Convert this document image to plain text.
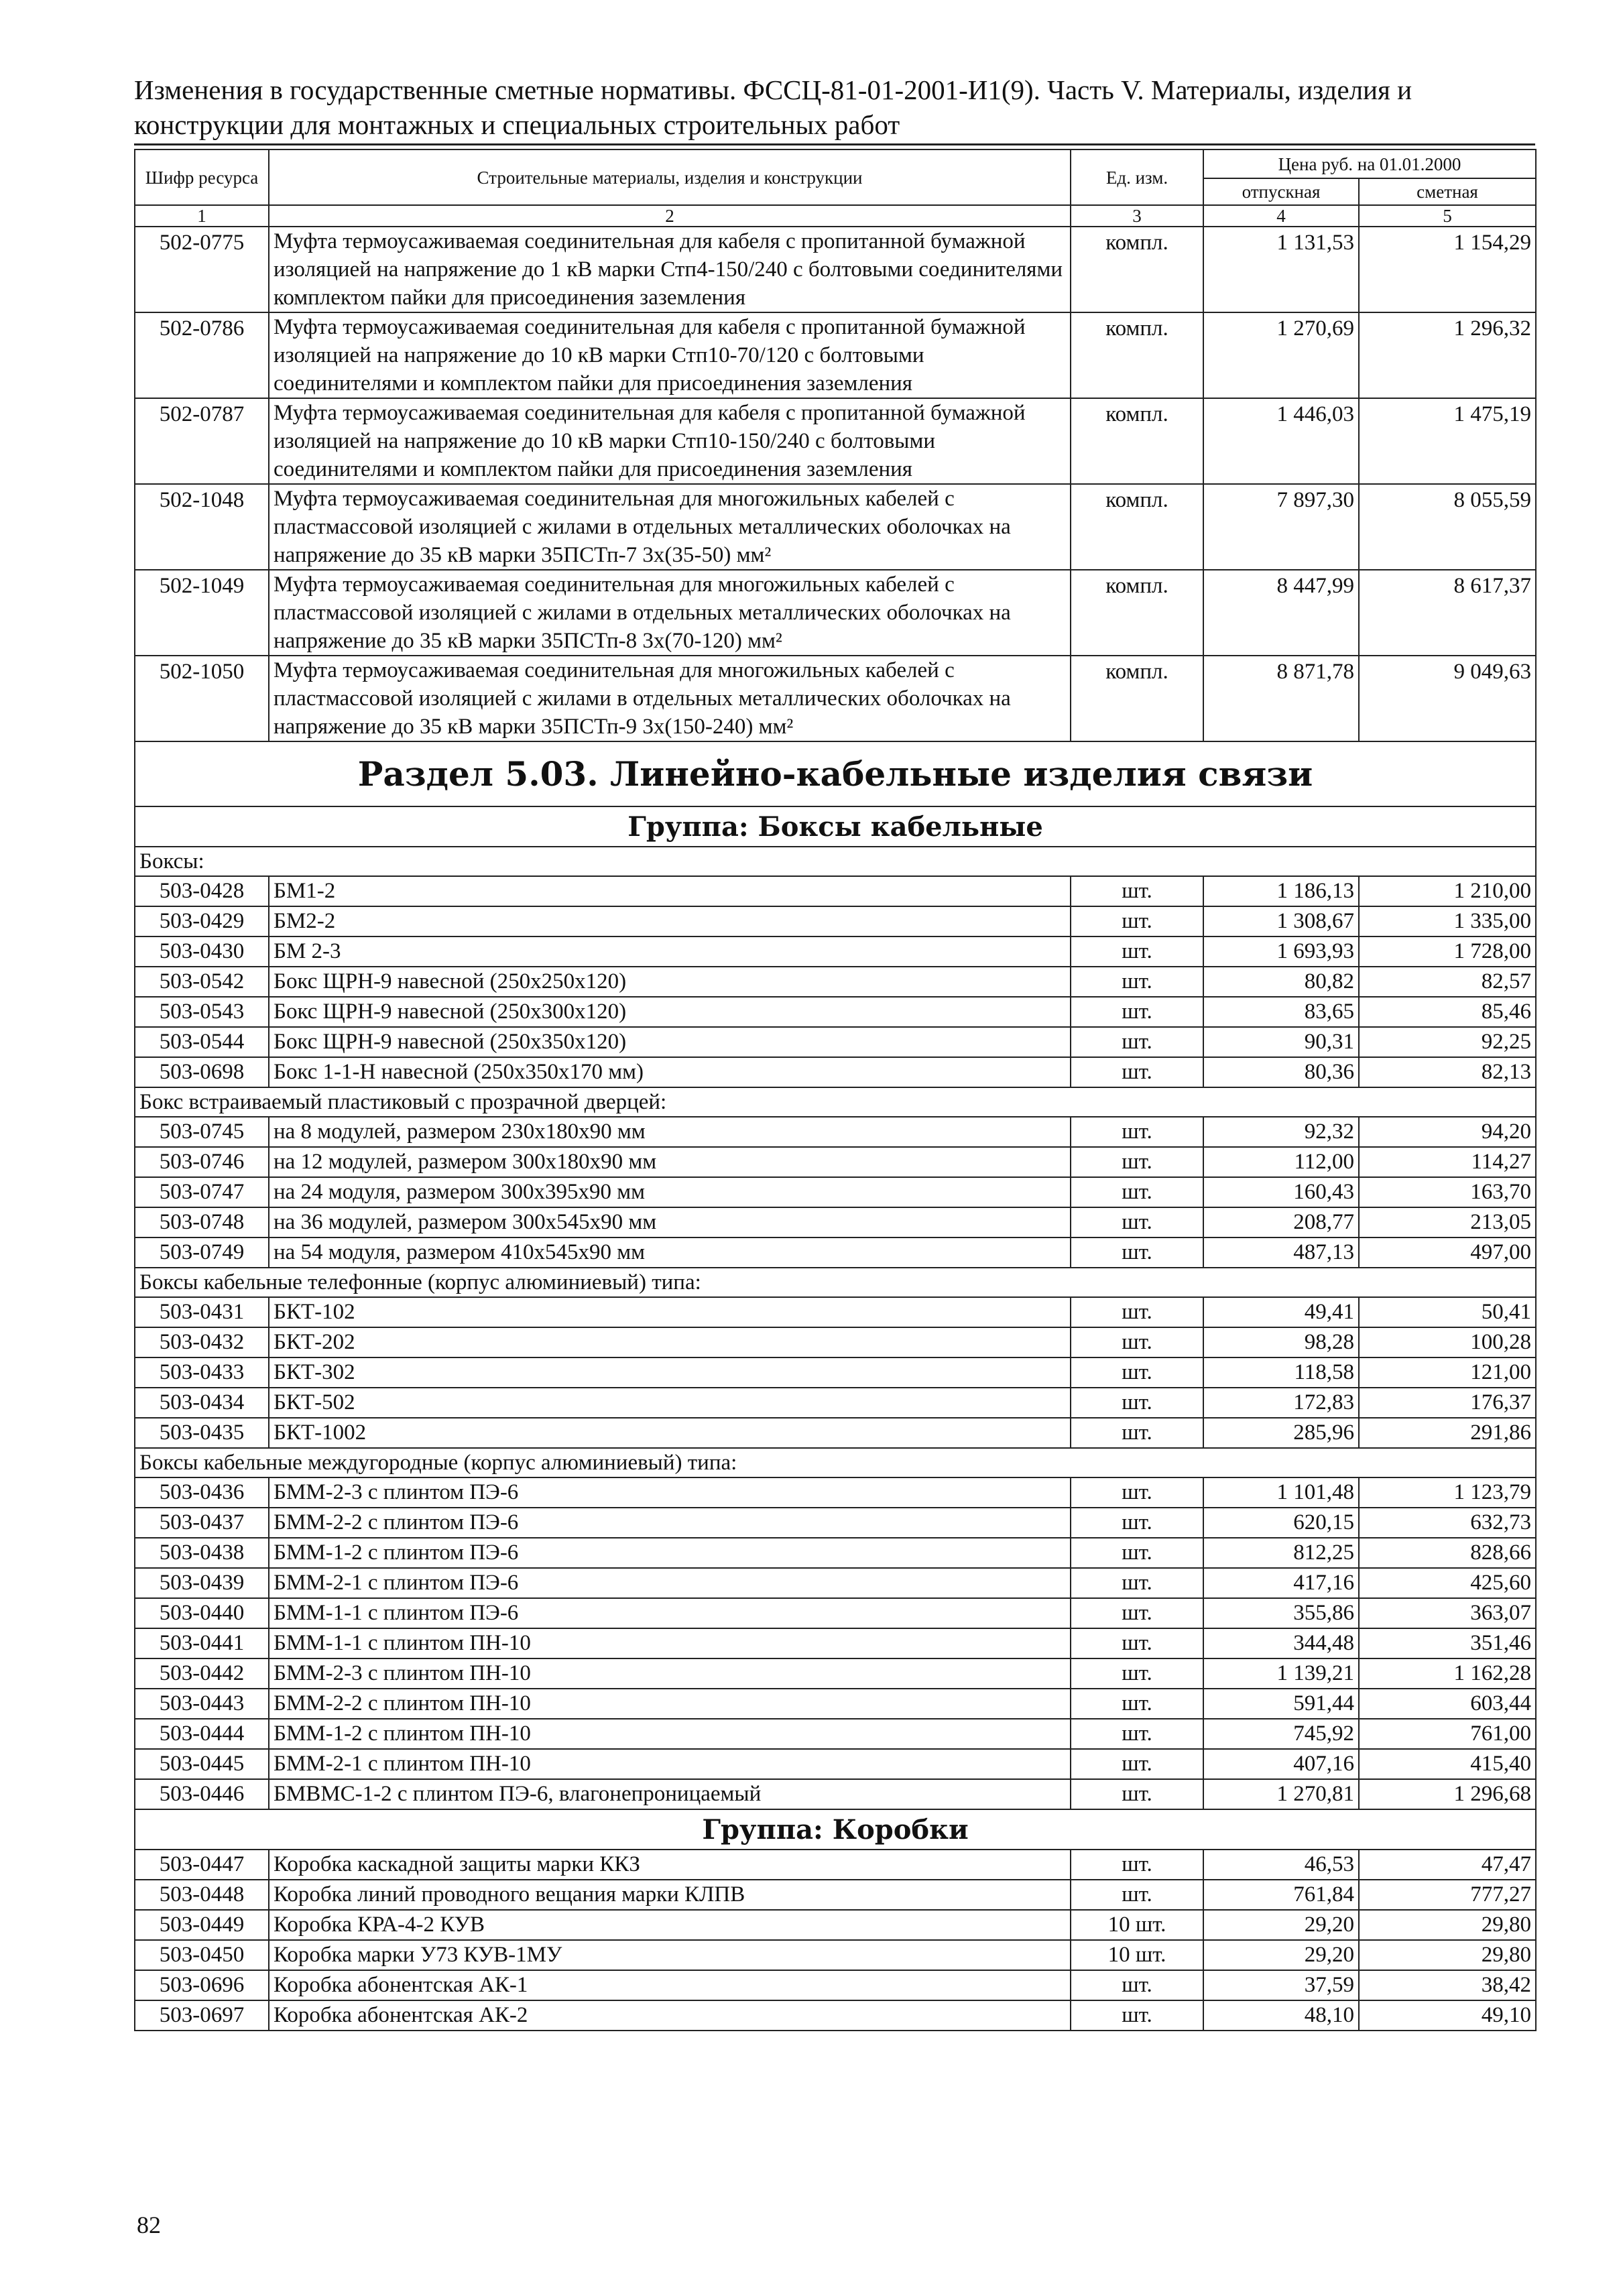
Изменения в государственные сметные нормативы. ФССЦ-81-01-2001-И1(9). Часть V. Материалы, изделия и
конструкции для монтажных и специальных строительных работ
Шифр ресурса	Строительные материалы, изделия и конструкции	Ед. изм.	Цена руб. на 01.01.2000	
			отпускная	сметная
1	2	3	4	5
502-0775	Муфта термоусаживаемая соединительная для кабеля с пропитанной бумажной изоляцией на напряжение до 1 кВ марки Стп4-150/240 с болтовыми соединителями комплектом пайки для присоединения заземления	компл.	1 131,53	1 154,29
502-0786	Муфта термоусаживаемая соединительная для кабеля с пропитанной бумажной изоляцией на напряжение до 10 кВ марки Стп10-70/120 с болтовыми соединителями и комплектом пайки для присоединения заземления	компл.	1 270,69	1 296,32
502-0787	Муфта термоусаживаемая соединительная для кабеля с пропитанной бумажной изоляцией на напряжение до 10 кВ марки Стп10-150/240 с болтовыми соединителями и комплектом пайки для присоединения заземления	компл.	1 446,03	1 475,19
502-1048	Муфта термоусаживаемая соединительная для многожильных кабелей с пластмассовой изоляцией с жилами в отдельных металлических оболочках на напряжение до 35 кВ марки 35ПСТп-7 3х(35-50) мм²	компл.	7 897,30	8 055,59
502-1049	Муфта термоусаживаемая соединительная для многожильных кабелей с пластмассовой изоляцией с жилами в отдельных металлических оболочках на напряжение до 35 кВ марки 35ПСТп-8 3х(70-120) мм²	компл.	8 447,99	8 617,37
502-1050	Муфта термоусаживаемая соединительная для многожильных кабелей с пластмассовой изоляцией с жилами в отдельных металлических оболочках на напряжение до 35 кВ марки 35ПСТп-9 3х(150-240) мм²	компл.	8 871,78	9 049,63
Раздел 5.03. Линейно-кабельные изделия связи				
Группа: Боксы кабельные				
Боксы:				
503-0428	БМ1-2	шт.	1 186,13	1 210,00
503-0429	БМ2-2	шт.	1 308,67	1 335,00
503-0430	БМ 2-3	шт.	1 693,93	1 728,00
503-0542	Бокс ЩРН-9 навесной (250х250х120)	шт.	80,82	82,57
503-0543	Бокс ЩРН-9 навесной (250х300х120)	шт.	83,65	85,46
503-0544	Бокс ЩРН-9 навесной (250х350х120)	шт.	90,31	92,25
503-0698	Бокс 1-1-Н навесной (250х350х170 мм)	шт.	80,36	82,13
Бокс встраиваемый пластиковый с прозрачной дверцей:				
503-0745	на 8 модулей, размером 230х180х90 мм	шт.	92,32	94,20
503-0746	на 12 модулей, размером 300х180х90 мм	шт.	112,00	114,27
503-0747	на 24 модуля, размером 300х395х90 мм	шт.	160,43	163,70
503-0748	на 36 модулей, размером 300х545х90 мм	шт.	208,77	213,05
503-0749	на 54 модуля, размером 410х545х90 мм	шт.	487,13	497,00
Боксы кабельные телефонные (корпус алюминиевый) типа:				
503-0431	БКТ-102	шт.	49,41	50,41
503-0432	БКТ-202	шт.	98,28	100,28
503-0433	БКТ-302	шт.	118,58	121,00
503-0434	БКТ-502	шт.	172,83	176,37
503-0435	БКТ-1002	шт.	285,96	291,86
Боксы кабельные междугородные (корпус алюминиевый) типа:				
503-0436	БММ-2-3 с плинтом ПЭ-6	шт.	1 101,48	1 123,79
503-0437	БММ-2-2 с плинтом ПЭ-6	шт.	620,15	632,73
503-0438	БММ-1-2 с плинтом ПЭ-6	шт.	812,25	828,66
503-0439	БММ-2-1 с плинтом ПЭ-6	шт.	417,16	425,60
503-0440	БММ-1-1 с плинтом ПЭ-6	шт.	355,86	363,07
503-0441	БММ-1-1 с плинтом ПН-10	шт.	344,48	351,46
503-0442	БММ-2-3 с плинтом ПН-10	шт.	1 139,21	1 162,28
503-0443	БММ-2-2 с плинтом ПН-10	шт.	591,44	603,44
503-0444	БММ-1-2 с плинтом ПН-10	шт.	745,92	761,00
503-0445	БММ-2-1 с плинтом ПН-10	шт.	407,16	415,40
503-0446	БМВМС-1-2 с плинтом ПЭ-6, влагонепроницаемый	шт.	1 270,81	1 296,68
Группа: Коробки				
503-0447	Коробка каскадной защиты марки ККЗ	шт.	46,53	47,47
503-0448	Коробка линий проводного вещания марки КЛПВ	шт.	761,84	777,27
503-0449	Коробка КРА-4-2 КУВ	10 шт.	29,20	29,80
503-0450	Коробка марки У73 КУВ-1МУ	10 шт.	29,20	29,80
503-0696	Коробка абонентская АК-1	шт.	37,59	38,42
503-0697	Коробка абонентская АК-2	шт.	48,10	49,10
82
